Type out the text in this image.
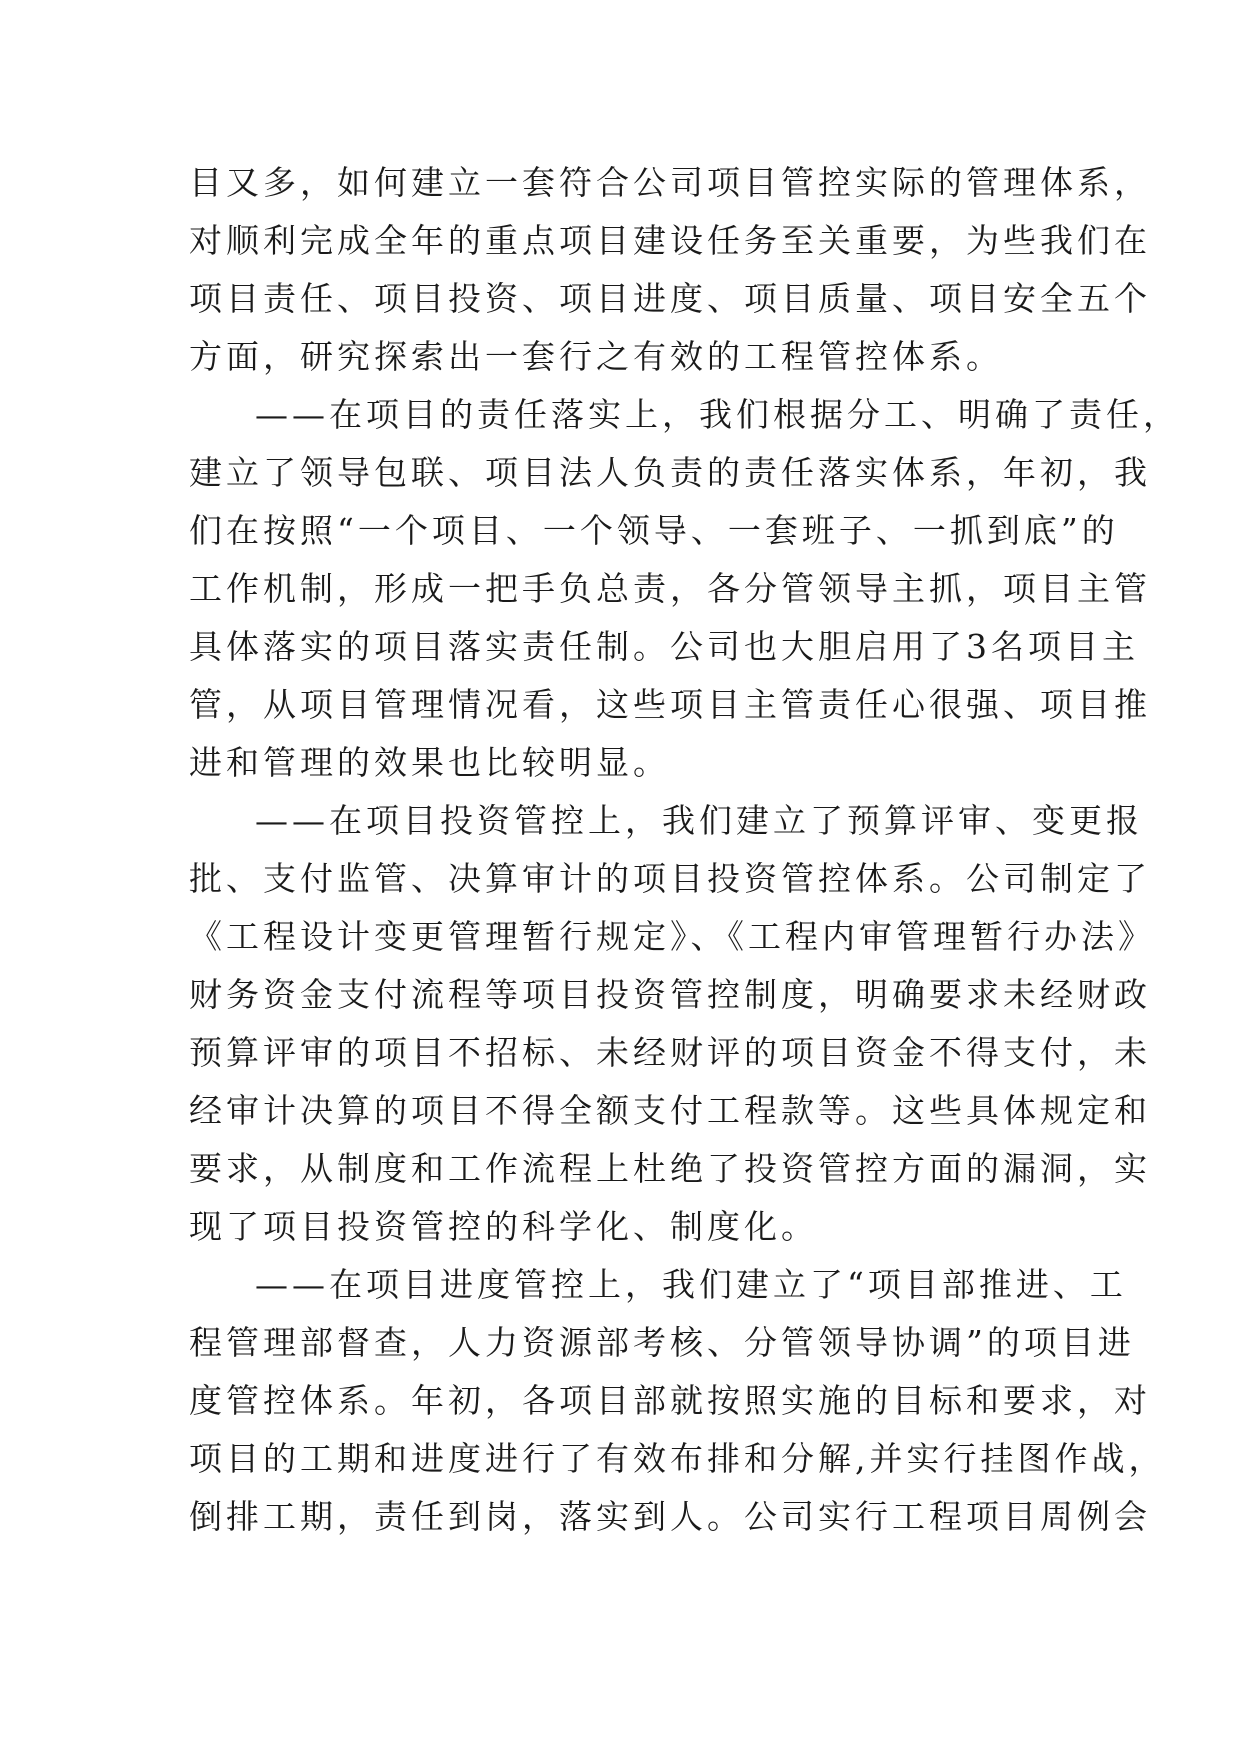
目又多，如何建立一套符合公司项目管控实际的管理体系，
对顺利完成全年的重点项目建设任务至关重要，为些我们在
项目责任、项目投资、项目进度、项目质量、项目安全五个
方面，研究探索出一套行之有效的工程管控体系。
——在项目的责任落实上，我们根据分工、明确了责任，
建立了领导包联、项目法人负责的责任落实体系，年初，我
们在按照“一个项目、一个领导、一套班子、一抓到底”的
工作机制，形成一把手负总责，各分管领导主抓，项目主管
具体落实的项目落实责任制。公司也大胆启用了3名项目主
管，从项目管理情况看，这些项目主管责任心很强、项目推
进和管理的效果也比较明显。
——在项目投资管控上，我们建立了预算评审、变更报
批、支付监管、决算审计的项目投资管控体系。公司制定了
《工程设计变更管理暂行规定》、《工程内审管理暂行办法》
财务资金支付流程等项目投资管控制度，明确要求未经财政
预算评审的项目不招标、未经财评的项目资金不得支付，未
经审计决算的项目不得全额支付工程款等。这些具体规定和
要求，从制度和工作流程上杜绝了投资管控方面的漏洞，实
现了项目投资管控的科学化、制度化。
——在项目进度管控上，我们建立了“项目部推进、工
程管理部督查，人力资源部考核、分管领导协调”的项目进
度管控体系。年初，各项目部就按照实施的目标和要求，对
项目的工期和进度进行了有效布排和分解,并实行挂图作战，
倒排工期，责任到岗，落实到人。公司实行工程项目周例会
